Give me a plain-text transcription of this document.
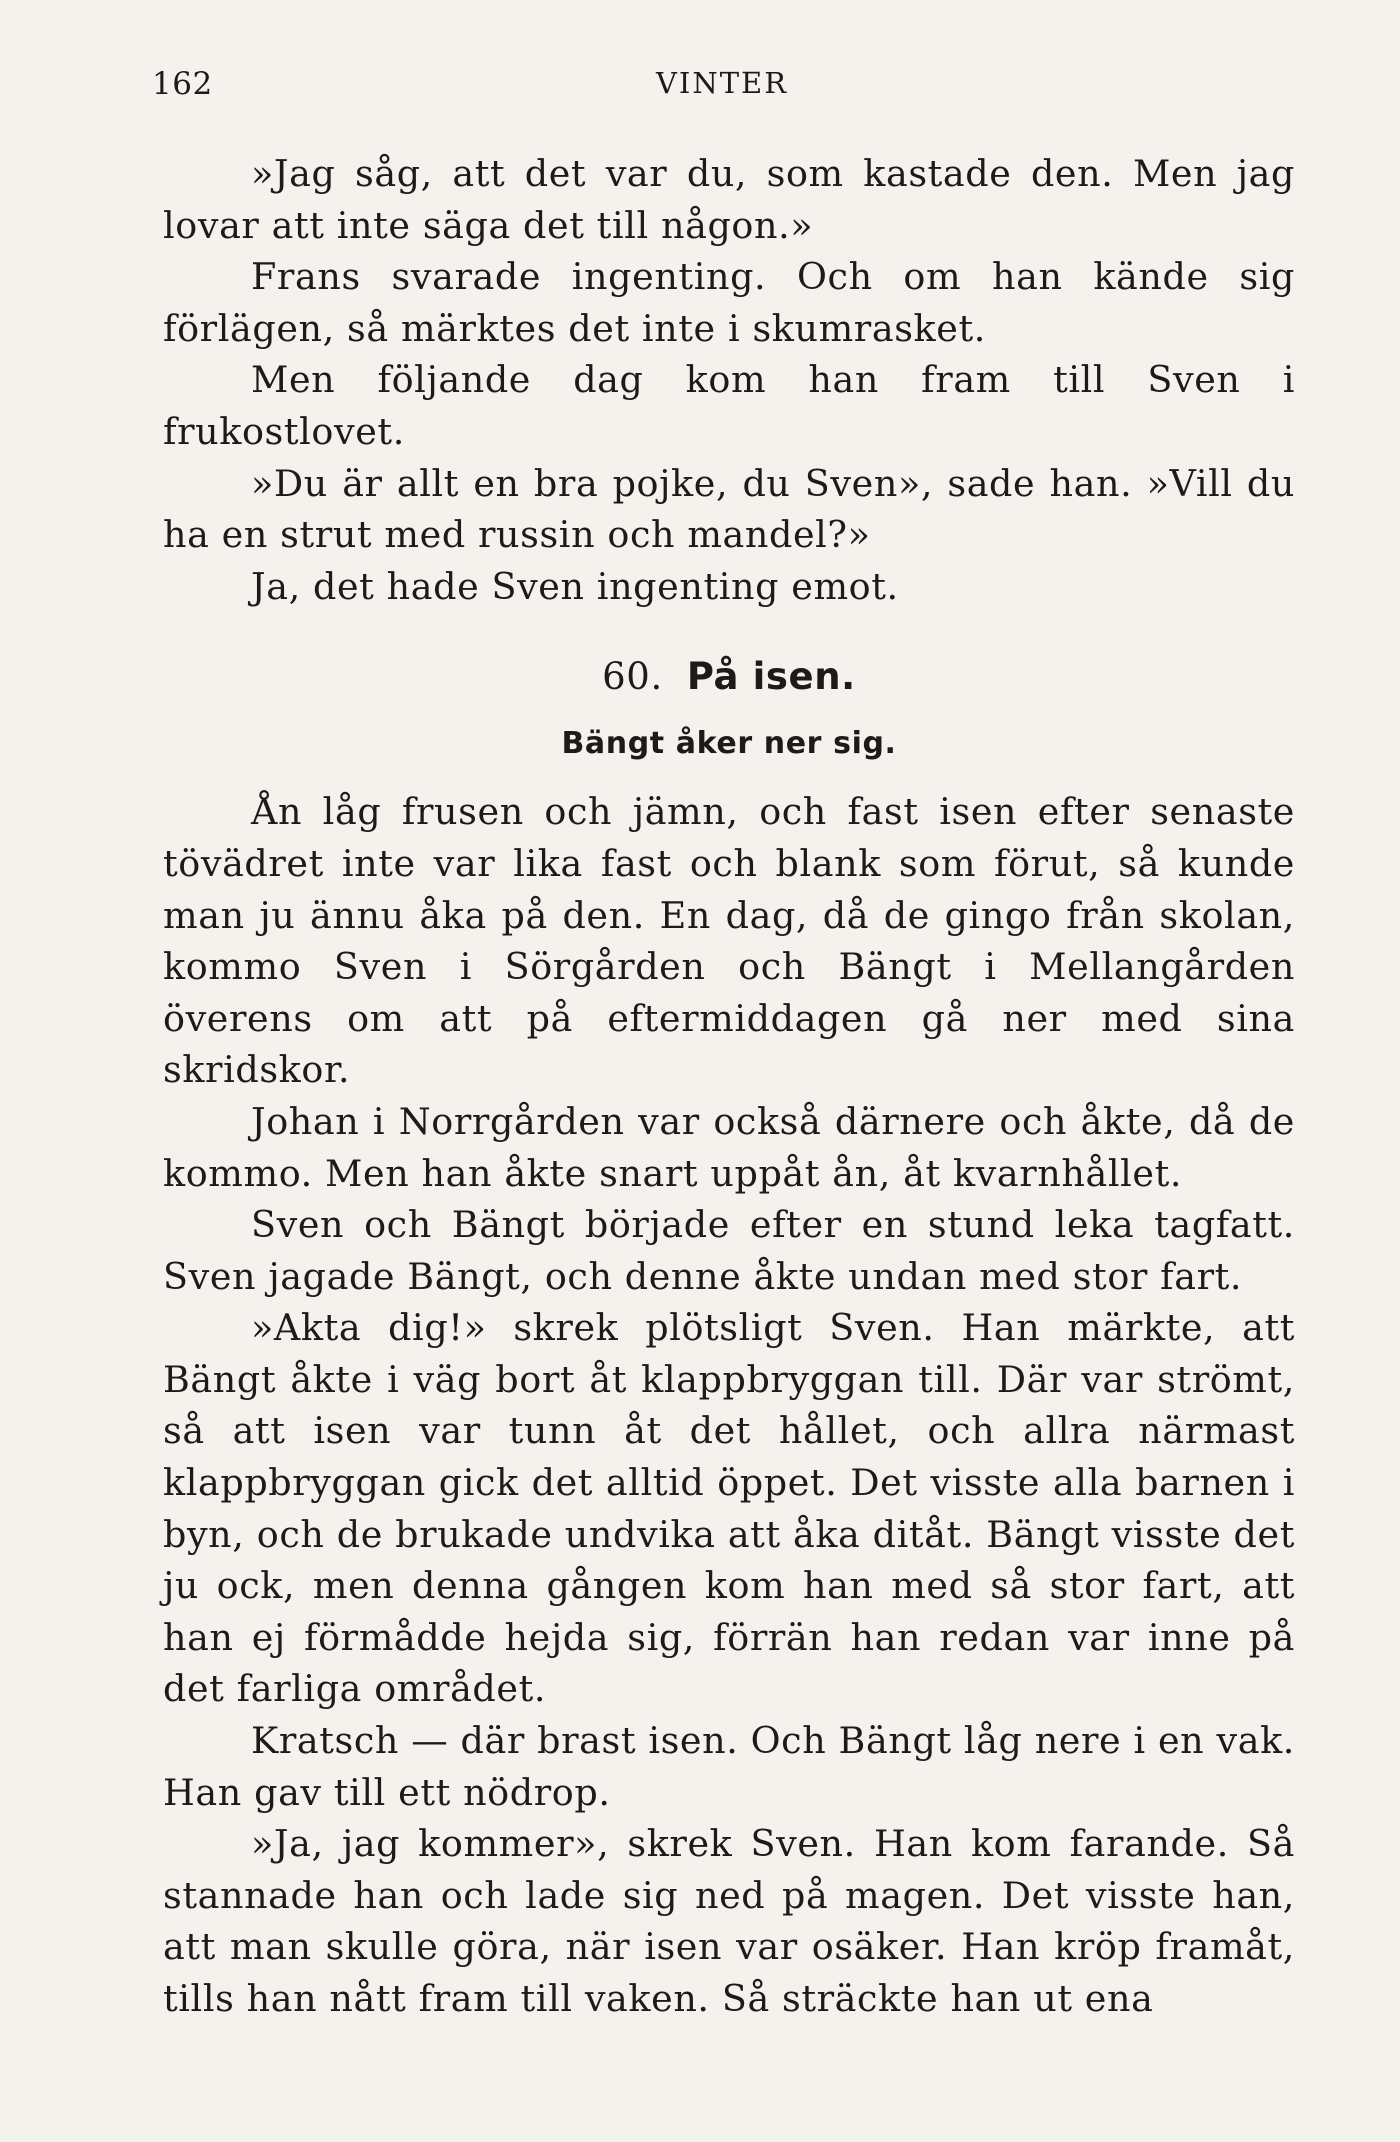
162	VINTER

»Jag såg, att det var du, som kastade den. Men jag lovar att inte säga det till någon.»

Frans svarade ingenting. Och om han kände sig förlägen, så märktes det inte i skumrasket.

Men följande dag kom han fram till Sven i frukostlovet.

»Du är allt en bra pojke, du Sven», sade han. »Vill du ha en strut med russin och mandel?»

Ja, det hade Sven ingenting emot.

60. På isen.
Bängt åker ner sig.

Ån låg frusen och jämn, och fast isen efter senaste tövädret inte var lika fast och blank som förut, så kunde man ju ännu åka på den. En dag, då de gingo från skolan, kommo Sven i Sörgården och Bängt i Mellangården överens om att på eftermiddagen gå ner med sina skridskor.

Johan i Norrgården var också därnere och åkte, då de kommo. Men han åkte snart uppåt ån, åt kvarnhållet.

Sven och Bängt började efter en stund leka tagfatt. Sven jagade Bängt, och denne åkte undan med stor fart.

»Akta dig!» skrek plötsligt Sven. Han märkte, att Bängt åkte i väg bort åt klappbryggan till. Där var strömt, så att isen var tunn åt det hållet, och allra närmast klappbryggan gick det alltid öppet. Det visste alla barnen i byn, och de brukade undvika att åka ditåt. Bängt visste det ju ock, men denna gången kom han med så stor fart, att han ej förmådde hejda sig, förrän han redan var inne på det farliga området.

Kratsch — där brast isen. Och Bängt låg nere i en vak. Han gav till ett nödrop.

»Ja, jag kommer», skrek Sven. Han kom farande. Så stannade han och lade sig ned på magen. Det visste han, att man skulle göra, när isen var osäker. Han kröp framåt, tills han nått fram till vaken. Så sträckte han ut ena
